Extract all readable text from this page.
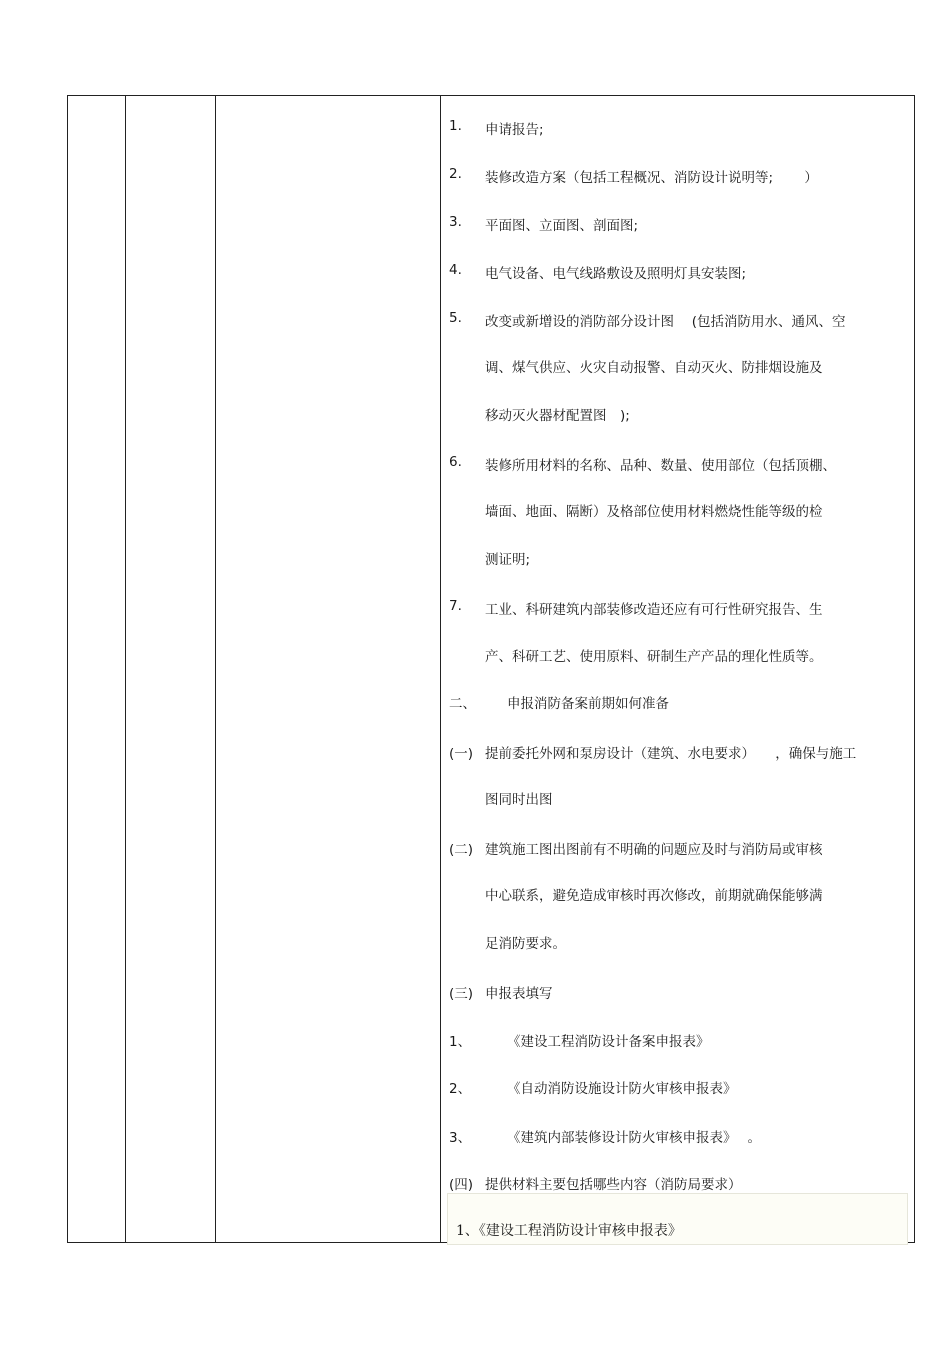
1. 申请报告;
2. 装修改造方案（包括工程概况、消防设计说明等;　　 ）
3. 平面图、立面图、剖面图;
4. 电气设备、电气线路敷设及照明灯具安装图;
5. 改变或新增设的消防部分设计图　 (包括消防用水、通风、空
调、煤气供应、火灾自动报警、自动灭火、防排烟设施及
移动灭火器材配置图　);
6. 装修所用材料的名称、品种、数量、使用部位（包括顶棚、
墙面、地面、隔断）及格部位使用材料燃烧性能等级的检
测证明;
7. 工业、科研建筑内部装修改造还应有可行性研究报告、生
产、科研工艺、使用原料、研制生产产品的理化性质等。
二、 申报消防备案前期如何准备
(一) 提前委托外网和泵房设计（建筑、水电要求）　　，确保与施工
图同时出图
(二) 建筑施工图出图前有不明确的问题应及时与消防局或审核
中心联系，避免造成审核时再次修改，前期就确保能够满
足消防要求。
(三) 申报表填写
1、	《建设工程消防设计备案申报表》
2、	《自动消防设施设计防火审核申报表》
3、	《建筑内部装修设计防火审核申报表》　 。
(四) 提供材料主要包括哪些内容（消防局要求）
1、《建设工程消防设计审核申报表》
